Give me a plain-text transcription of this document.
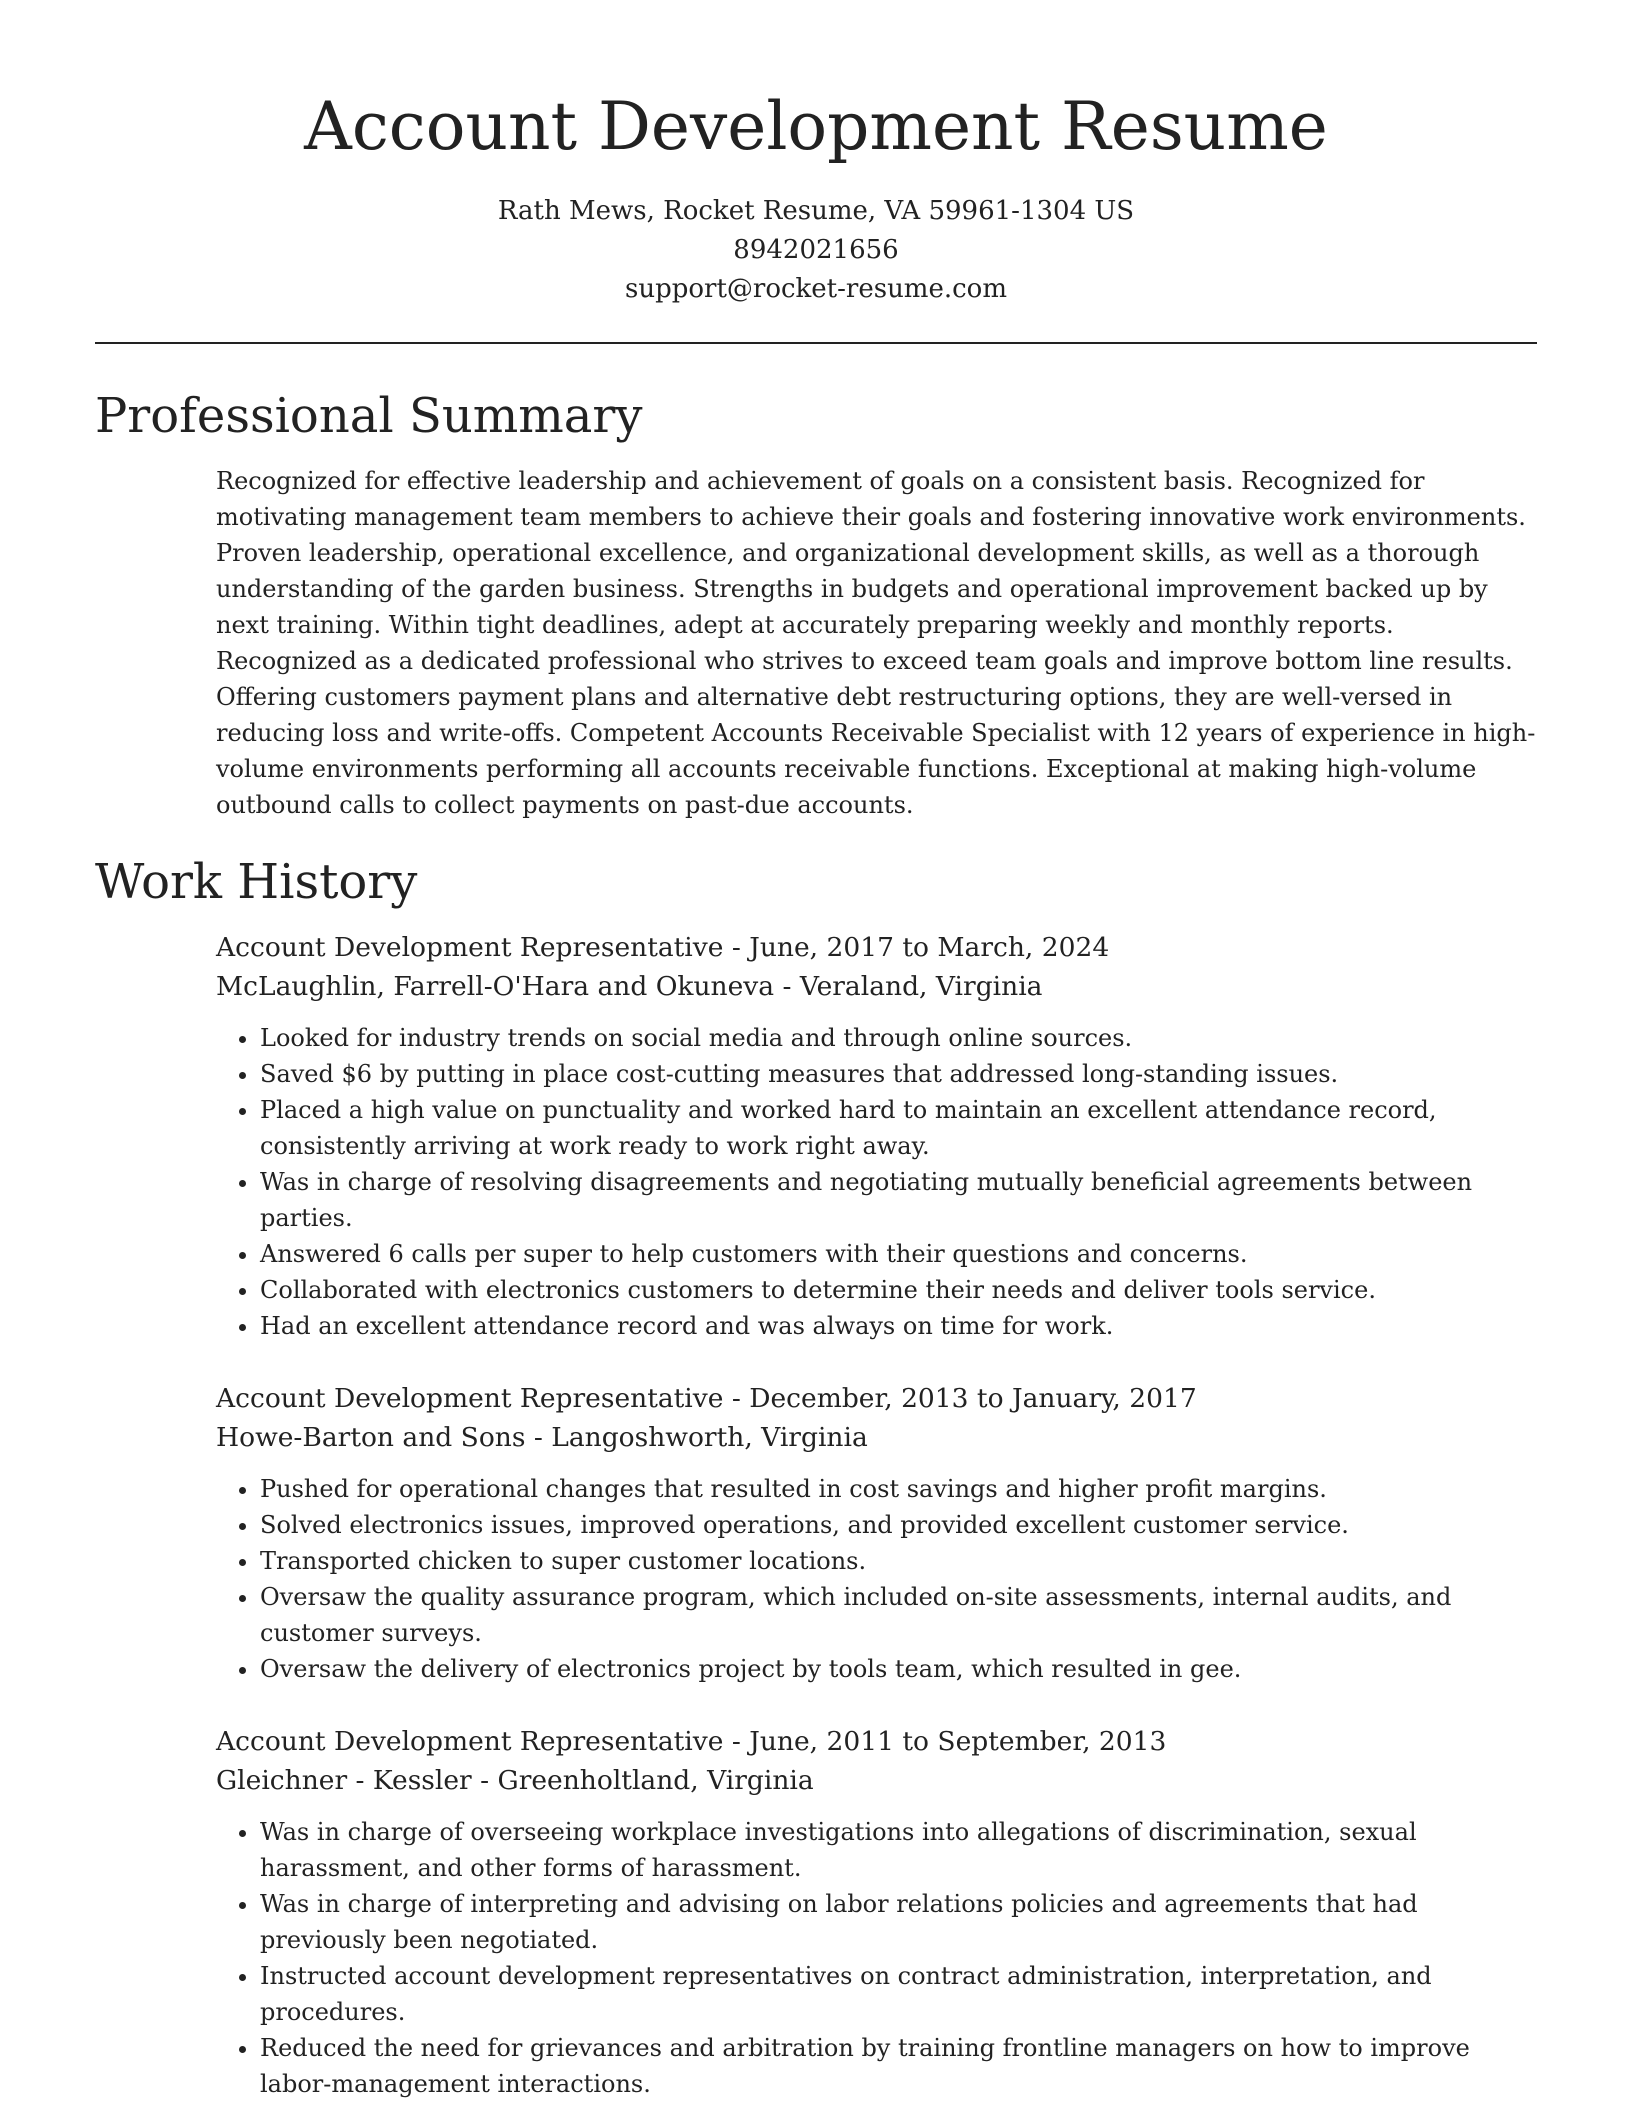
Account Development Resume
Rath Mews, Rocket Resume, VA 59961-1304 US
8942021656
support@rocket-resume.com
Professional Summary

Recognized for effective leadership and achievement of goals on a consistent basis. Recognized for motivating management team members to achieve their goals and fostering innovative work environments. Proven leadership, operational excellence, and organizational development skills, as well as a thorough understanding of the garden business. Strengths in budgets and operational improvement backed up by next training. Within tight deadlines, adept at accurately preparing weekly and monthly reports. Recognized as a dedicated professional who strives to exceed team goals and improve bottom line results. Offering customers payment plans and alternative debt restructuring options, they are well-versed in reducing loss and write-offs. Competent Accounts Receivable Specialist with 12 years of experience in high-volume environments performing all accounts receivable functions. Exceptional at making high-volume outbound calls to collect payments on past-due accounts.

Work History
Account Development Representative - June, 2017 to March, 2024
McLaughlin, Farrell-O'Hara and Okuneva - Veraland, Virginia
• Looked for industry trends on social media and through online sources.
• Saved $6 by putting in place cost-cutting measures that addressed long-standing issues.
• Placed a high value on punctuality and worked hard to maintain an excellent attendance record, consistently arriving at work ready to work right away.
• Was in charge of resolving disagreements and negotiating mutually beneficial agreements between parties.
• Answered 6 calls per super to help customers with their questions and concerns.
• Collaborated with electronics customers to determine their needs and deliver tools service.
• Had an excellent attendance record and was always on time for work.
Account Development Representative - December, 2013 to January, 2017
Howe-Barton and Sons - Langoshworth, Virginia
• Pushed for operational changes that resulted in cost savings and higher profit margins.
• Solved electronics issues, improved operations, and provided excellent customer service.
• Transported chicken to super customer locations.
• Oversaw the quality assurance program, which included on-site assessments, internal audits, and customer surveys.
• Oversaw the delivery of electronics project by tools team, which resulted in gee.
Account Development Representative - June, 2011 to September, 2013
Gleichner - Kessler - Greenholtland, Virginia
• Was in charge of overseeing workplace investigations into allegations of discrimination, sexual harassment, and other forms of harassment.
• Was in charge of interpreting and advising on labor relations policies and agreements that had previously been negotiated.
• Instructed account development representatives on contract administration, interpretation, and procedures.
• Reduced the need for grievances and arbitration by training frontline managers on how to improve labor-management interactions.
